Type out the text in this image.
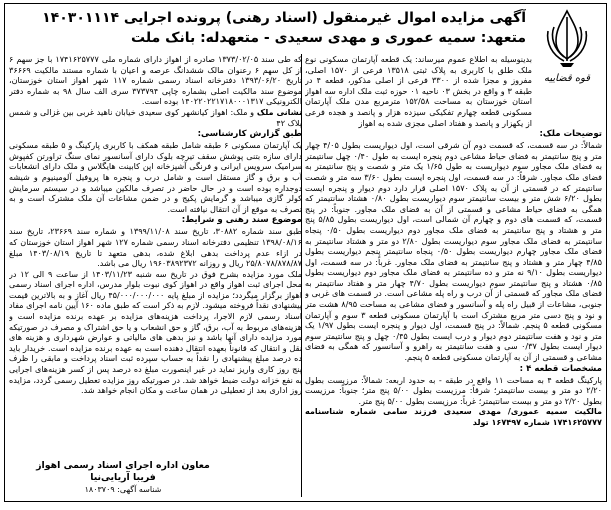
آگهی مزایده اموال غیرمنقول (اسناد رهنی) پرونده اجرایی ۱۴۰۳۰۱۱۱۴
متعهد: سمیه عموری و مهدی سعیدی - متعهدله: بانک ملت
قوه قضاییه

بدینوسیله به اطلاع عموم میرساند: یک قطعه آپارتمان مسکونی نوع ملک طلق با کاربری به پلاک ثبتی ۱۳۵۱۸ فرعی از ۱۵۷۰ اصلی، مفروز و مجزا شده از ۳۳۰۰ فرعی از اصلی مذکور، قطعه ۴ در طبقه ۳ و واقع در بخش ۰۳ ناحیه ۰۱ حوزه ثبت ملک اداره سه اهواز استان خوزستان به مساحت ۱۵۲/۵۸ مترمربع مدن ملک آپارتمان مسکونی قطعه چهارم تفکیکی سیزده هزار و پانصد و هجده فرعی از یکهزار و پانصد و هفتاد اصلی مجزی شده به اهواز

توضیحات ملک:

شمالاً: در سه قسمت، که قسمت دوم آن شرقی است، اول دیواریست بطول ۴/۰۵ چهار متر و پنج سانتیمتر به فضای حیاط مشاعی دوم پنجره ایست به طول ۰/۴۰ چهل سانتیمتر به فضای ملک مجاور سوم دیواریست به طول ۱/۶۵ یک متر و شصت و پنج سانتیمتر به فضای ملک مجاور. شرقاً: در سه قسمت، اول پنجره ایست بطول ۳/۶۰ سه متر و شصت سانتیمتر که در قسمتی از آن به پلاک ۱۵۷۰ اصلی قرار دارد دوم دیوار و پنجره ایست بطول ۶/۲۰ شش متر و بیست سانتیمتر سوم دیواریست بطول ۰/۸۰ هشتاد سانتیمتر که همگی به فضای حیاط مشاعی و قسمتی از آن به فضای ملک مجاور. جنوباً: در پنج قسمت، که قسمت های دوم و چهارم آن شمالی است، اول دیواریست بطول ۵/۸۵ پنج متر و هشتاد و پنج سانتیمتر به فضای ملک مجاور دوم دیواریست بطول ۰/۵۰ پنجاه سانتیمتر به فضای ملک مجاور سوم دیواریست بطول ۲/۸۰ دو متر و هشتاد سانتیمتر به فضای ملک مجاور چهارم دیواریست بطول ۰/۵۰ پنجاه سانتیمتر پنجم دیواریست بطول ۴/۸۵ چهار متر و هشتاد و پنج سانتیمتر به فضای ملک مجاور. غرباً: در سه قسمت، اول دیواریست بطول ۹/۱۰ نه متر و ده سانتیمتر به فضای ملک مجاور دوم دیواریست بطول ۰/۸۵ هشتاد و پنج سانتیمتر سوم دیواریست بطول ۴/۷۰ چهار متر و هفتاد سانتیمتر به فضای ملک مجاور که قسمتی از آن درب و راه پله مشاعی است. در قسمت های غربی و جنوبی، مشاعات از قبیل راه پله و آسانسور و فضای مشاعی به مساحت ۸/۹۵ هشت متر و نود و پنج دسی متر مربع مشترک است با آپارتمان مسکونی قطعه ۳ سوم و آپارتمان مسکونی قطعه ۵ پنجم. شمالاً: در پنج قسمت، اول دیوار و پنجره ایست بطول ۱/۹۷ یک متر و نود و هفت سانتیمتر دوم دیوار و درب ایست بطول ۰/۴۵ چهل و پنج سانتیمتر سوم دیوار ایست بطول ۰/۳۷ سی و هفت سانتیمتر به راهرو و آسانسور که همگی به فضای مشاعی و قسمتی از آن به آپارتمان مسکونی قطعه ۵ پنجم.

مشخصات قطعه ۴ :

پارکینگ قطعه ۴ به مساحت ۱۱ واقع در طبقه - به حدود اربعه: شمالاً: مرزیست بطول ۲/۲۰ دو متر و بیست سانتیمتر؛ شرقاً: مرزیست بطول ۵/۰۰ پنج متر؛ جنوباً: مرزیست بطول ۲/۲۰ دو متر و بیست سانتیمتر؛ غرباً: مرزیست بطول ۵/۰۰ پنج متر.

مالکیت سمیه عموری/ مهدی سعیدی فرزند سامی شماره شناسنامه ۱۷۴۱۶۲۵۷۷۷ شماره ۱۶۷۴۹۷ تولد

که طی سند ۱۳۷۳/۰۲/۰۵ صادره از اهواز دارای شماره ملی ۱۷۴۱۶۲۵۷۷۷ با جز سهم ۶ از کل سهم ۶ رعنوان مالک ششدانگ عرصه و اعیان با شماره مستند مالکیت ۳۶۶۶۹ تاریخ ۱۳۹۳/۰۶/۲۰ دفترخانه اسناد رسمی شماره ۱۱۷ شهر اهواز استان خوزستان، موضوع سند مالکیت اصلی بشماره چاپی ۳۷۳۷۹۴ سری الف سال ۹۸ به شماره دفتر الکترونیکی ۱۴۰۲۲۰۲۲۱۷۱۸۰۰۰۱۳۱۷ بوده است.

نشانی ملک و ملک: اهواز کیانشهر کوی سعیدی خیابان ناهید غربی بین غزالی و شمس پلاک ۴۲

طبق گزارش کارشناسی:

یک آپارتمان مسکونی ۶ طبقه شامل طبقه همکف با کاربری پارکینگ و ۵ طبقه مسکونی دارای سازه بتنی پوشش سقف تیرچه بلوک دارای آسانسور نمای سنگ تراورتن کفپوش سرامیک سرویس ایرانی و فرنگی آشپزخانه اپن کابینت هایگلاس و ملک دارای انشعابات آب و برق و گاز مستقل است و شامل درب و پنجره ها پروفیل آلومینیوم و شیشه دوجداره بوده است و در حال حاضر در تصرف مالکین میباشد و در سیستم سرمایش کولر گازی میباشد و گرمایش پکیج و در ضمن مشاعات آن ملک مشترک است و به تصرف به موقع از آن انتقال نیافته است.

موضوع سند رهنی و شرایط:

طبق سند شماره ۳۰۸۸۲، تاریخ سند ۱۳۹۹/۱۱/۰۸ و شماره سند ۲۳۶۶۹، تاریخ سند ۱۳۹۸/۰۸/۱۶ تنظیمی دفترخانه اسناد رسمی شماره ۱۲۷ شهر اهواز استان خوزستان که در ازاء عدم پرداخت بدهی ابلاغ شده، بدهی متعهد تا تاریخ ۱۴۰۳/۰۸/۱۹ مبلغ ۲۵/۸۰۷۸/۸۷۸/۸۷ ریال و روزانه ۱۹۶۰۳۸۹۲۳۷۲ ریال می باشد.

ملک مورد مزایده بشرح فوق در تاریخ سه شنبه ۱۴۰۳/۱۱/۲۳ از ساعت ۹ الی ۱۲ در محل اجرای ثبت اهواز واقع در اهواز کوی نبوت بلوار مدرس، اداره اجرای اسناد رسمی اهواز برگزار میگردد؛ مزایده از مبلغ پایه ۴۵/۰۰۰/۰۰۰/۰۰۰ ریال آغاز و به بالاترین قیمت پیشنهادی نقداً فروخته میشود. لازم به ذکر است که طبق ماده ۱۶۰ آیین نامه اجرای مفاد اسناد رسمی لازم الاجرا، پرداخت هزینه‌های مزایده بر عهده برنده مزایده است و هزینه‌های مربوط به آب، برق، گاز و حق انشعاب و یا حق اشتراک و مصرف در صورتیکه مورد مزایده دارای آنها باشد و نیز بدهی های مالیاتی و عوارض شهرداری و هزینه های نقل و انتقال که قانوناً بعهده انتقال دهنده است به عهده برنده مزایده است. خریدار باید ده درصد مبلغ پیشنهادی را نقداً به حساب سپرده ثبت اسناد پرداخت و مابقی را ظرف پنج روز کاری واریز نماید در غیر اینصورت مبلغ ده درصد پس از کسر هزینه‌های اجرایی به نفع خزانه دولت ضبط خواهد شد. در صورتیکه روز مزایده تعطیل رسمی گردد، مزایده روز اداری بعد از تعطیلی در همان ساعت و مکان انجام خواهد شد.

معاون اداره اجرای اسناد رسمی اهواز
فریبا آریایی‌نیا
شناسه آگهی: ۱۸۰۳۷۰۹
